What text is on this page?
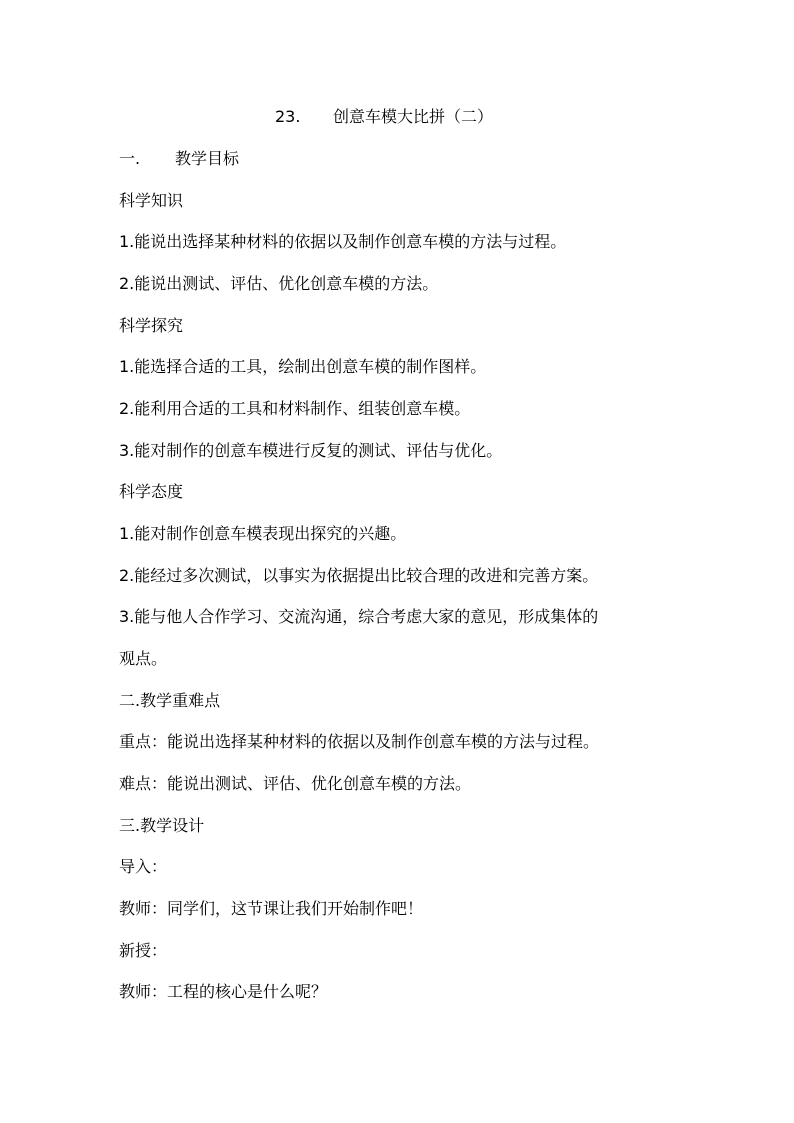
23. 创意车模大比拼（二）
一. 教学目标
科学知识
1.能说出选择某种材料的依据以及制作创意车模的方法与过程。
2.能说出测试、评估、优化创意车模的方法。
科学探究
1.能选择合适的工具，绘制出创意车模的制作图样。
2.能利用合适的工具和材料制作、组装创意车模。
3.能对制作的创意车模进行反复的测试、评估与优化。
科学态度
1.能对制作创意车模表现出探究的兴趣。
2.能经过多次测试，以事实为依据提出比较合理的改进和完善方案。
3.能与他人合作学习、交流沟通，综合考虑大家的意见，形成集体的
观点。
二.教学重难点
重点：能说出选择某种材料的依据以及制作创意车模的方法与过程。
难点：能说出测试、评估、优化创意车模的方法。
三.教学设计
导入：
教师：同学们，这节课让我们开始制作吧！
新授：
教师：工程的核心是什么呢？
